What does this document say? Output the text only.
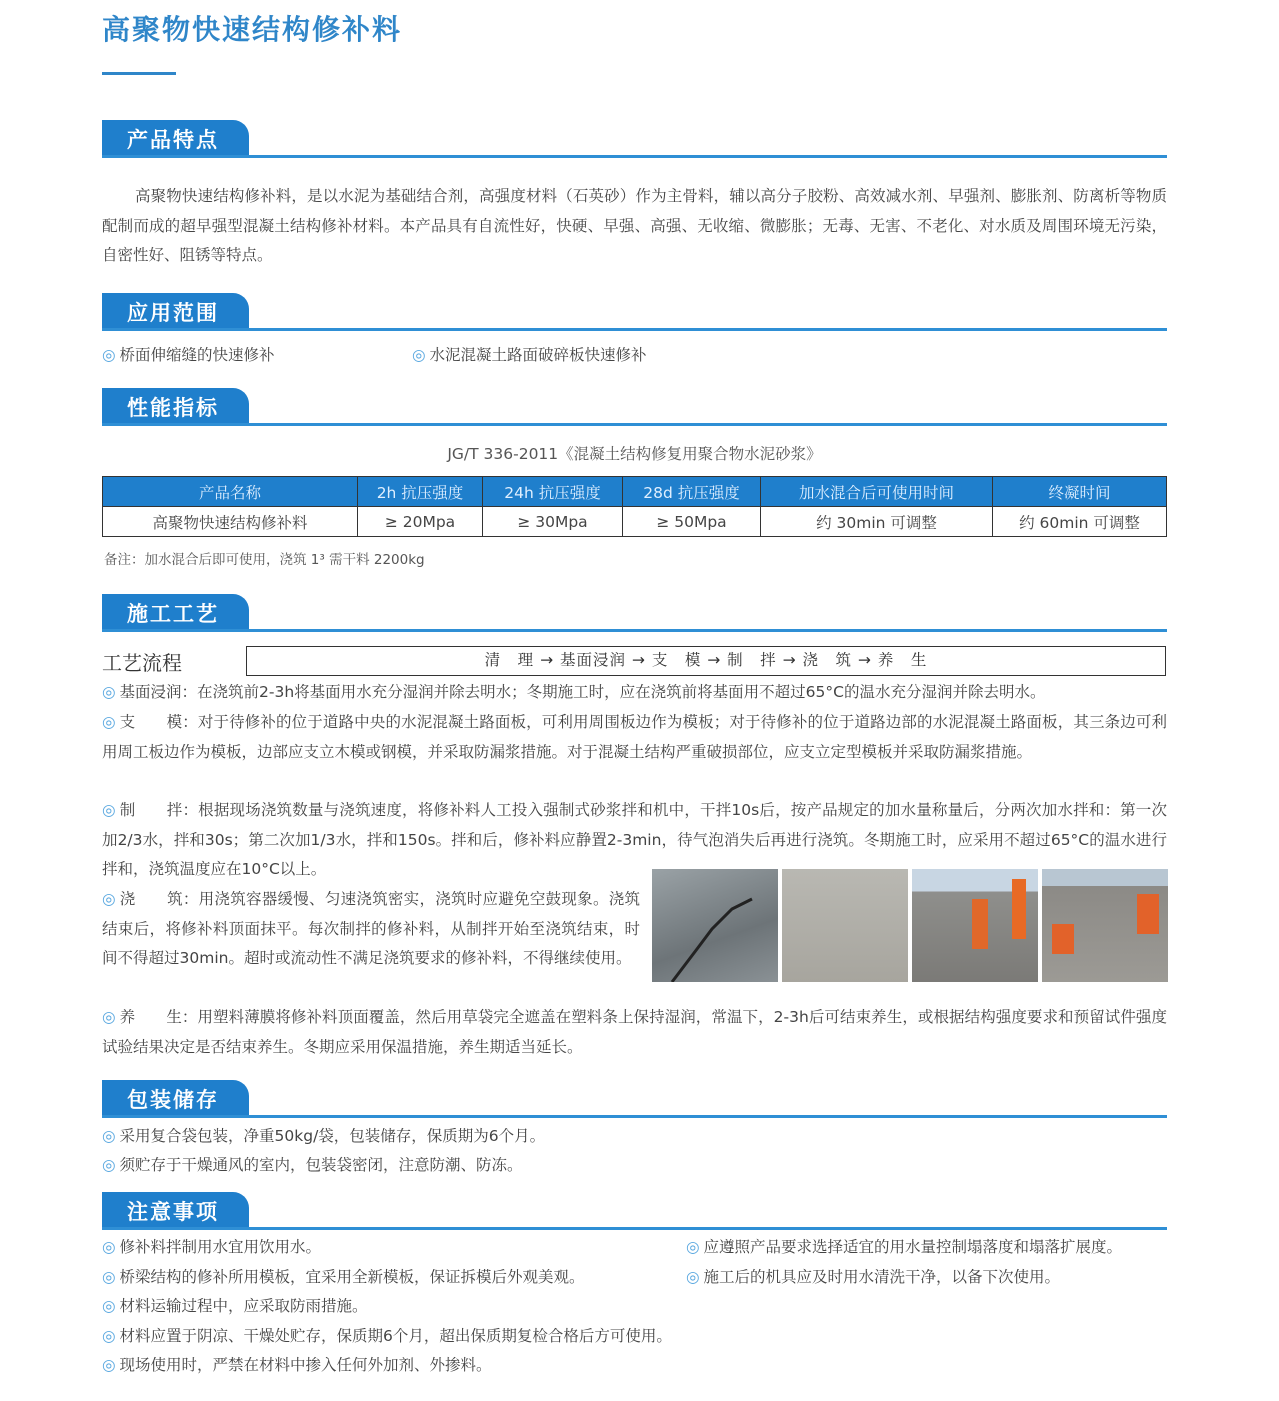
高聚物快速结构修补料
产品特点
高聚物快速结构修补料，是以水泥为基础结合剂，高强度材料（石英砂）作为主骨料，辅以高分子胶粉、高效减水剂、早强剂、膨胀剂、防离析等物质配制而成的超早强型混凝土结构修补材料。本产品具有自流性好，快硬、早强、高强、无收缩、微膨胀；无毒、无害、不老化、对水质及周围环境无污染，自密性好、阻锈等特点。
应用范围
◎ 桥面伸缩缝的快速修补	◎ 水泥混凝土路面破碎板快速修补
性能指标
JG/T 336-2011《混凝土结构修复用聚合物水泥砂浆》
产品名称	2h 抗压强度	24h 抗压强度	28d 抗压强度	加水混合后可使用时间	终凝时间
高聚物快速结构修补料	≥ 20Mpa	≥ 30Mpa	≥ 50Mpa	约 30min 可调整	约 60min 可调整
备注：加水混合后即可使用，浇筑 1³ 需干料 2200kg
施工工艺
工艺流程	清　理 → 基面浸润 → 支　模 → 制　拌 → 浇　筑 → 养　生
◎ 基面浸润：在浇筑前2-3h将基面用水充分湿润并除去明水；冬期施工时，应在浇筑前将基面用不超过65°C的温水充分湿润并除去明水。
◎ 支　　模：对于待修补的位于道路中央的水泥混凝土路面板，可利用周围板边作为模板；对于待修补的位于道路边部的水泥混凝土路面板，其三条边可利用周工板边作为模板，边部应支立木模或钢模，并采取防漏浆措施。对于混凝土结构严重破损部位，应支立定型模板并采取防漏浆措施。
◎ 制　　拌：根据现场浇筑数量与浇筑速度，将修补料人工投入强制式砂浆拌和机中，干拌10s后，按产品规定的加水量称量后，分两次加水拌和：第一次加2/3水，拌和30s；第二次加1/3水，拌和150s。拌和后，修补料应静置2-3min，待气泡消失后再进行浇筑。冬期施工时，应采用不超过65°C的温水进行拌和，浇筑温度应在10°C以上。
◎ 浇　　筑：用浇筑容器缓慢、匀速浇筑密实，浇筑时应避免空鼓现象。浇筑结束后，将修补料顶面抹平。每次制拌的修补料，从制拌开始至浇筑结束，时间不得超过30min。超时或流动性不满足浇筑要求的修补料，不得继续使用。
◎ 养　　生：用塑料薄膜将修补料顶面覆盖，然后用草袋完全遮盖在塑料条上保持湿润，常温下，2-3h后可结束养生，或根据结构强度要求和预留试件强度试验结果决定是否结束养生。冬期应采用保温措施，养生期适当延长。
包装储存
◎ 采用复合袋包装，净重50kg/袋，包装储存，保质期为6个月。
◎ 须贮存于干燥通风的室内，包装袋密闭，注意防潮、防冻。
注意事项
◎ 修补料拌制用水宜用饮用水。
◎ 桥梁结构的修补所用模板，宜采用全新模板，保证拆模后外观美观。
◎ 材料运输过程中，应采取防雨措施。
◎ 材料应置于阴凉、干燥处贮存，保质期6个月，超出保质期复检合格后方可使用。
◎ 现场使用时，严禁在材料中掺入任何外加剂、外掺料。
◎ 应遵照产品要求选择适宜的用水量控制塌落度和塌落扩展度。
◎ 施工后的机具应及时用水清洗干净，以备下次使用。
